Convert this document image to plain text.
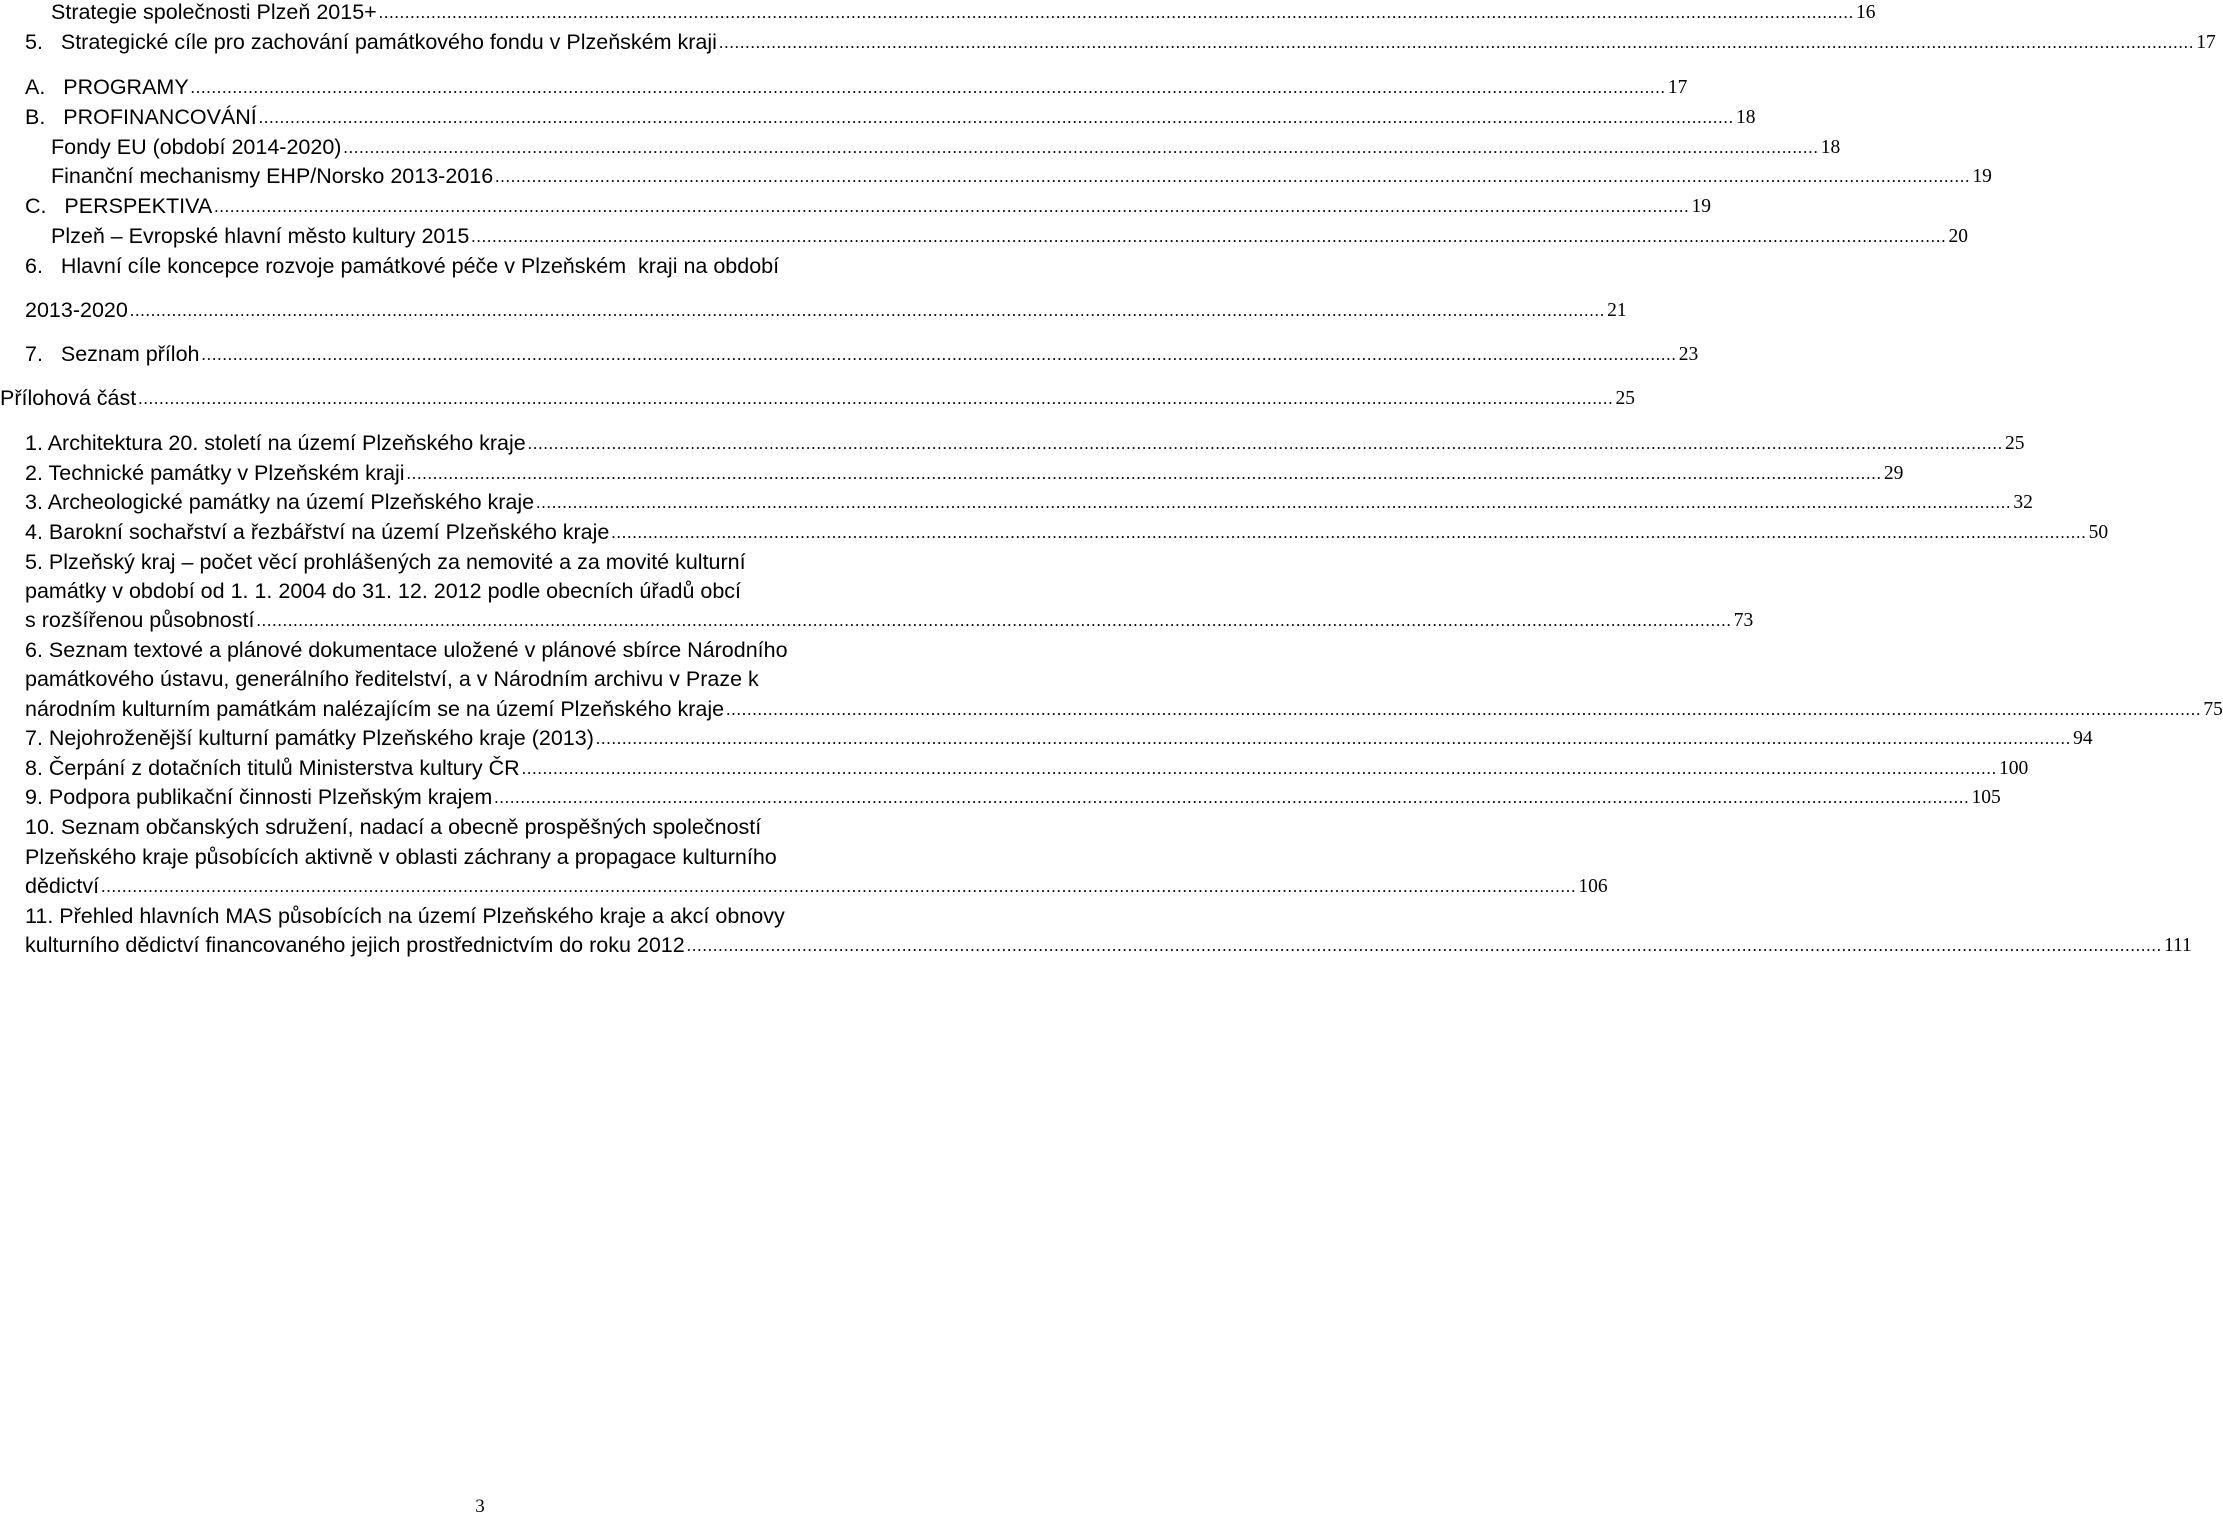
Strategie společnosti Plzeň 2015+ .....	16
5.   Strategické cíle pro zachování památkového fondu v Plzeňském kraji .....	17
A.   PROGRAMY .....	17
B.   PROFINANCOVÁNÍ .....	18
Fondy EU (období 2014-2020) .....	18
Finanční mechanismy EHP/Norsko 2013-2016 .....	19
C.   PERSPEKTIVA .....	19
Plzeň – Evropské hlavní město kultury 2015 .....	20
6.   Hlavní cíle koncepce rozvoje památkové péče v Plzeňském  kraji na období
2013-2020 .....	21
7.   Seznam příloh .....	23
Přílohová část .....	25
1. Architektura 20. století na území Plzeňského kraje .....	25
2. Technické památky v Plzeňském kraji .....	29
3. Archeologické památky na území Plzeňského kraje .....	32
4. Barokní sochařství a řezbářství na území Plzeňského kraje .....	50
5. Plzeňský kraj – počet věcí prohlášených za nemovité a za movité kulturní
památky v období od 1. 1. 2004 do 31. 12. 2012 podle obecních úřadů obcí
s rozšířenou působností .....	73
6. Seznam textové a plánové dokumentace uložené v plánové sbírce Národního
památkového ústavu, generálního ředitelství, a v Národním archivu v Praze k
národním kulturním památkám nalézajícím se na území Plzeňského kraje .....	75
7. Nejohroženější kulturní památky Plzeňského kraje (2013) .....	94
8. Čerpání z dotačních titulů Ministerstva kultury ČR .....	100
9. Podpora publikační činnosti Plzeňským krajem .....	105
10. Seznam občanských sdružení, nadací a obecně prospěšných společností
Plzeňského kraje působících aktivně v oblasti záchrany a propagace kulturního
dědictví .....	106
11. Přehled hlavních MAS působících na území Plzeňského kraje a akcí obnovy
kulturního dědictví financovaného jejich prostřednictvím do roku 2012 .....	111
3
